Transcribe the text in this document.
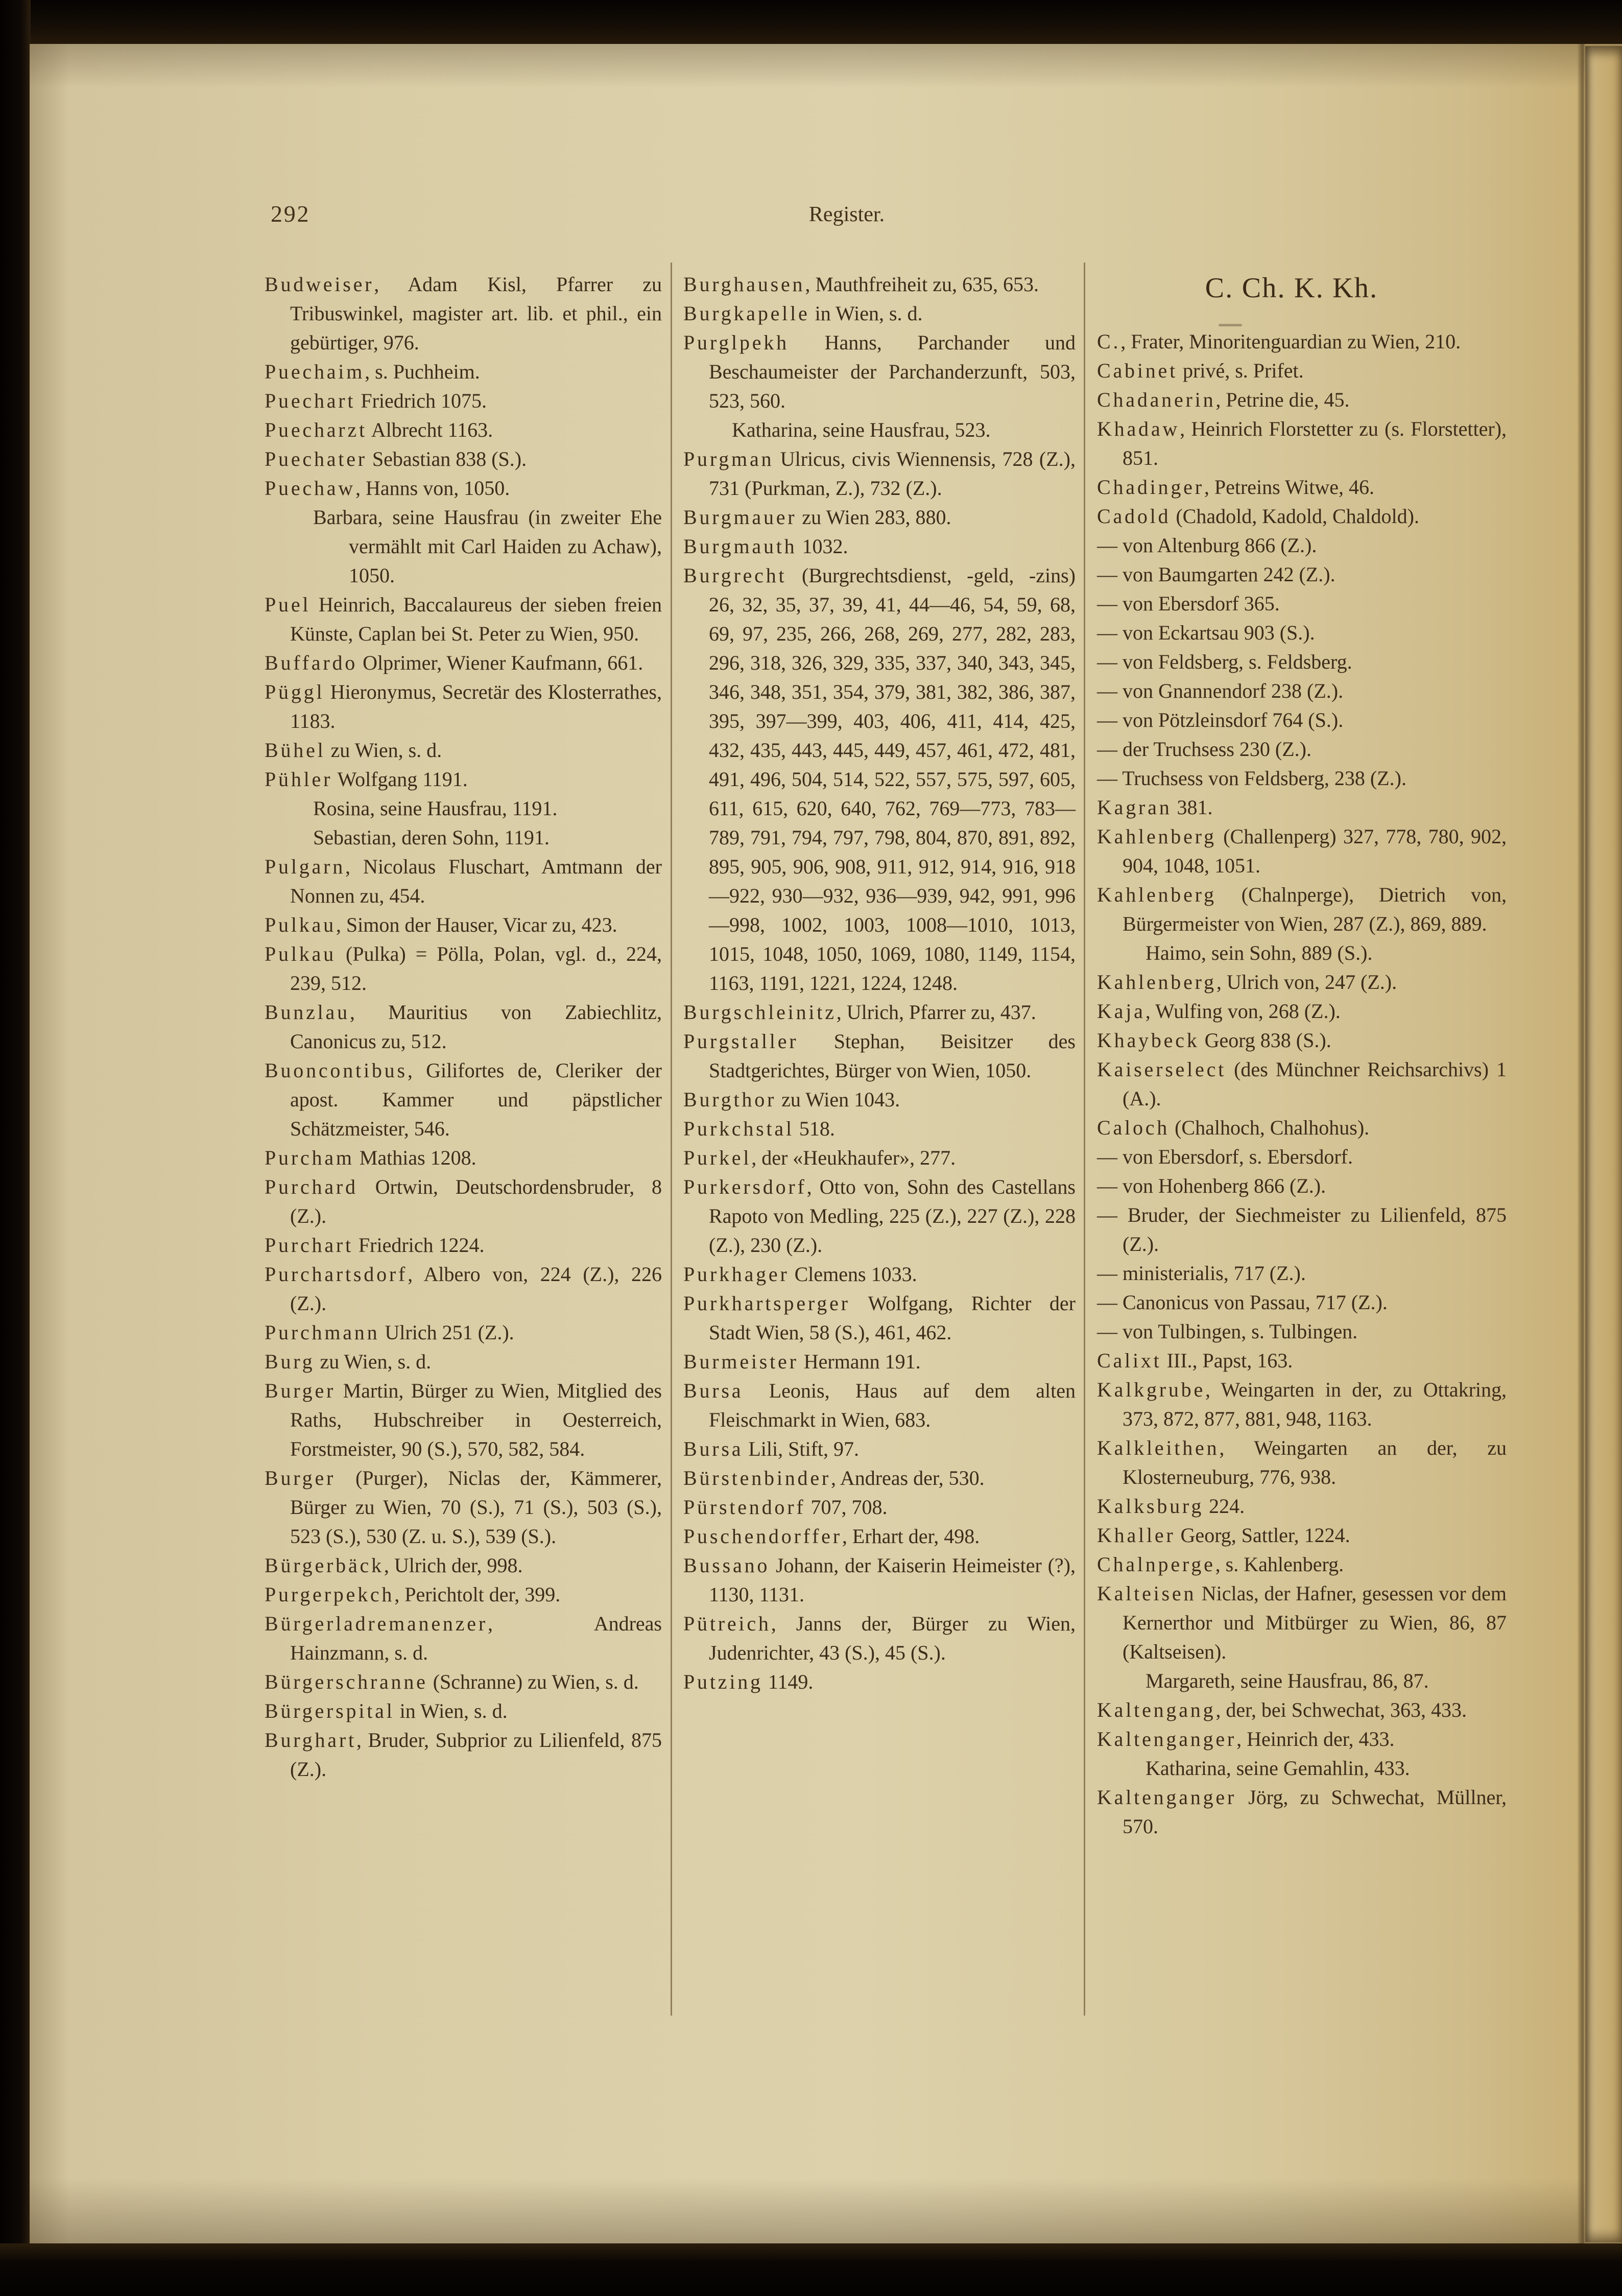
292	Register.

Budweiser, Adam Kisl, Pfarrer zu Tribuswinkel, magister art. lib. et phil., ein gebürtiger, 976.

Puechaim, s. Puchheim.

Puechart Friedrich 1075.

Puecharzt Albrecht 1163.

Puechater Sebastian 838 (S.).

Puechaw, Hanns von, 1050.

Barbara, seine Hausfrau (in zweiter Ehe vermählt mit Carl Haiden zu Achaw), 1050.

Puel Heinrich, Baccalaureus der sieben freien Künste, Caplan bei St. Peter zu Wien, 950.

Buffardo Olprimer, Wiener Kaufmann, 661.

Püggl Hieronymus, Secretär des Klosterrathes, 1183.

Bühel zu Wien, s. d.

Pühler Wolfgang 1191.

Rosina, seine Hausfrau, 1191.

Sebastian, deren Sohn, 1191.

Pulgarn, Nicolaus Fluschart, Amtmann der Nonnen zu, 454.

Pulkau, Simon der Hauser, Vicar zu, 423.

Pulkau (Pulka) = Pölla, Polan, vgl. d., 224, 239, 512.

Bunzlau, Mauritius von Zabiechlitz, Canonicus zu, 512.

Buoncontibus, Gilifortes de, Cleriker der apost. Kammer und päpstlicher Schätzmeister, 546.

Purcham Mathias 1208.

Purchard Ortwin, Deutschordensbruder, 8 (Z.).

Purchart Friedrich 1224.

Purchartsdorf, Albero von, 224 (Z.), 226 (Z.).

Purchmann Ulrich 251 (Z.).

Burg zu Wien, s. d.

Burger Martin, Bürger zu Wien, Mitglied des Raths, Hubschreiber in Oesterreich, Forstmeister, 90 (S.), 570, 582, 584.

Burger (Purger), Niclas der, Kämmerer, Bürger zu Wien, 70 (S.), 71 (S.), 503 (S.), 523 (S.), 530 (Z. u. S.), 539 (S.).

Bürgerbäck, Ulrich der, 998.

Purgerpekch, Perichtolt der, 399.

Bürgerladremanenzer, Andreas Hainzmann, s. d.

Bürgerschranne (Schranne) zu Wien, s. d.

Bürgerspital in Wien, s. d.

Burghart, Bruder, Subprior zu Lilienfeld, 875 (Z.).

Burghausen, Mauthfreiheit zu, 635, 653.

Burgkapelle in Wien, s. d.

Purglpekh Hanns, Parchander und Beschaumeister der Parchanderzunft, 503, 523, 560.

Katharina, seine Hausfrau, 523.

Purgman Ulricus, civis Wiennensis, 728 (Z.), 731 (Purkman, Z.), 732 (Z.).

Burgmauer zu Wien 283, 880.

Burgmauth 1032.

Burgrecht (Burgrechtsdienst, -geld, -zins) 26, 32, 35, 37, 39, 41, 44—46, 54, 59, 68, 69, 97, 235, 266, 268, 269, 277, 282, 283, 296, 318, 326, 329, 335, 337, 340, 343, 345, 346, 348, 351, 354, 379, 381, 382, 386, 387, 395, 397—399, 403, 406, 411, 414, 425, 432, 435, 443, 445, 449, 457, 461, 472, 481, 491, 496, 504, 514, 522, 557, 575, 597, 605, 611, 615, 620, 640, 762, 769—773, 783—789, 791, 794, 797, 798, 804, 870, 891, 892, 895, 905, 906, 908, 911, 912, 914, 916, 918—922, 930—932, 936—939, 942, 991, 996—998, 1002, 1003, 1008—1010, 1013, 1015, 1048, 1050, 1069, 1080, 1149, 1154, 1163, 1191, 1221, 1224, 1248.

Burgschleinitz, Ulrich, Pfarrer zu, 437.

Purgstaller Stephan, Beisitzer des Stadtgerichtes, Bürger von Wien, 1050.

Burgthor zu Wien 1043.

Purkchstal 518.

Purkel, der «Heukhaufer», 277.

Purkersdorf, Otto von, Sohn des Castellans Rapoto von Medling, 225 (Z.), 227 (Z.), 228 (Z.), 230 (Z.).

Purkhager Clemens 1033.

Purkhartsperger Wolfgang, Richter der Stadt Wien, 58 (S.), 461, 462.

Burmeister Hermann 191.

Bursa Leonis, Haus auf dem alten Fleischmarkt in Wien, 683.

Bursa Lili, Stift, 97.

Bürstenbinder, Andreas der, 530.

Pürstendorf 707, 708.

Puschendorffer, Erhart der, 498.

Bussano Johann, der Kaiserin Heimeister (?), 1130, 1131.

Pütreich, Janns der, Bürger zu Wien, Judenrichter, 43 (S.), 45 (S.).

Putzing 1149.

C. Ch. K. Kh.

C., Frater, Minoritenguardian zu Wien, 210.

Cabinet privé, s. Prifet.

Chadanerin, Petrine die, 45.

Khadaw, Heinrich Florstetter zu (s. Florstetter), 851.

Chadinger, Petreins Witwe, 46.

Cadold (Chadold, Kadold, Chaldold).

— von Altenburg 866 (Z.).

— von Baumgarten 242 (Z.).

— von Ebersdorf 365.

— von Eckartsau 903 (S.).

— von Feldsberg, s. Feldsberg.

— von Gnannendorf 238 (Z.).

— von Pötzleinsdorf 764 (S.).

— der Truchsess 230 (Z.).

— Truchsess von Feldsberg, 238 (Z.).

Kagran 381.

Kahlenberg (Challenperg) 327, 778, 780, 902, 904, 1048, 1051.

Kahlenberg (Chalnperge), Dietrich von, Bürgermeister von Wien, 287 (Z.), 869, 889.

Haimo, sein Sohn, 889 (S.).

Kahlenberg, Ulrich von, 247 (Z.).

Kaja, Wulfing von, 268 (Z.).

Khaybeck Georg 838 (S.).

Kaiserselect (des Münchner Reichsarchivs) 1 (A.).

Caloch (Chalhoch, Chalhohus).

— von Ebersdorf, s. Ebersdorf.

— von Hohenberg 866 (Z.).

— Bruder, der Siechmeister zu Lilienfeld, 875 (Z.).

— ministerialis, 717 (Z.).

— Canonicus von Passau, 717 (Z.).

— von Tulbingen, s. Tulbingen.

Calixt III., Papst, 163.

Kalkgrube, Weingarten in der, zu Ottakring, 373, 872, 877, 881, 948, 1163.

Kalkleithen, Weingarten an der, zu Klosterneuburg, 776, 938.

Kalksburg 224.

Khaller Georg, Sattler, 1224.

Chalnperge, s. Kahlenberg.

Kalteisen Niclas, der Hafner, gesessen vor dem Kernerthor und Mitbürger zu Wien, 86, 87 (Kaltseisen).

Margareth, seine Hausfrau, 86, 87.

Kaltengang, der, bei Schwechat, 363, 433.

Kaltenganger, Heinrich der, 433.

Katharina, seine Gemahlin, 433.

Kaltenganger Jörg, zu Schwechat, Müllner, 570.
